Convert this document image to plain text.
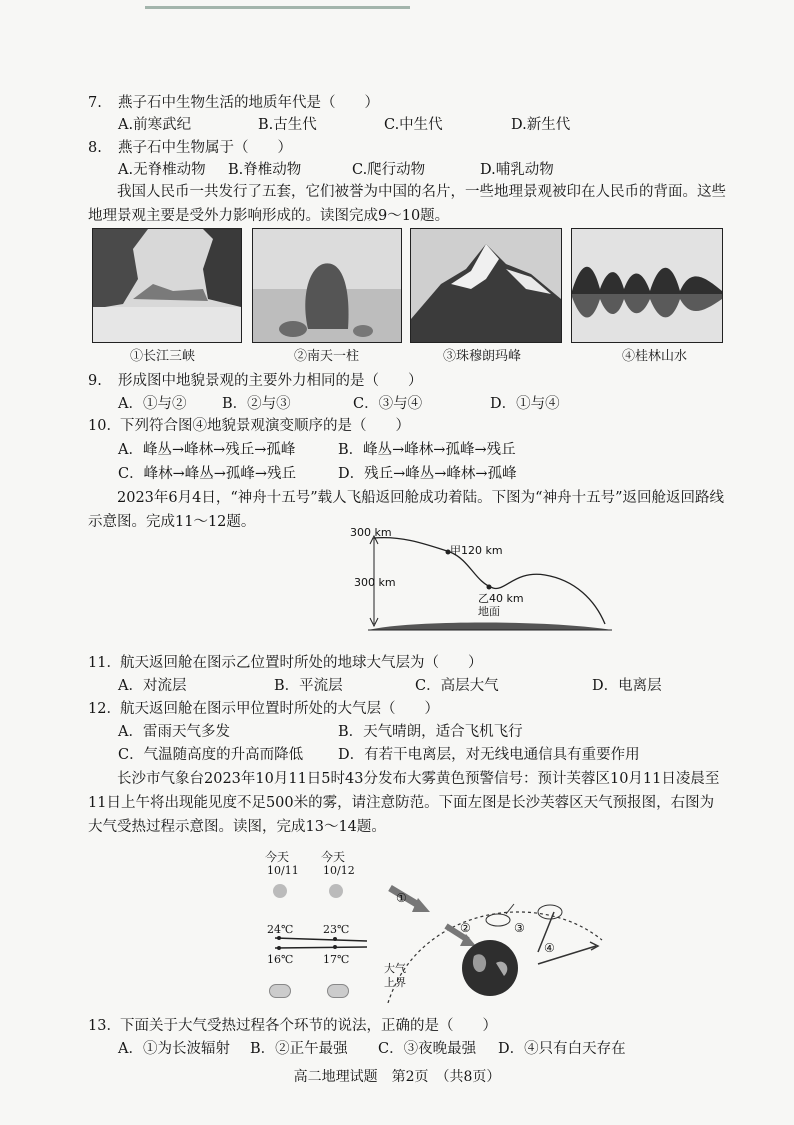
7. 燕子石中生物生活的地质年代是（　　）
A.前寒武纪	B.古生代	C.中生代	D.新生代
8. 燕子石中生物属于（　　）
A.无脊椎动物 B.脊椎动物	C.爬行动物	D.哺乳动物
我国人民币一共发行了五套，它们被誉为中国的名片，一些地理景观被印在人民币的背面。这些地理景观主要是受外力影响形成的。读图完成9～10题。
①长江三峡	②南天一柱	③珠穆朗玛峰	④桂林山水
9. 形成图中地貌景观的主要外力相同的是（　　）
A．①与② B．②与③	C．③与④	D．①与④
10． 下列符合图④地貌景观演变顺序的是（　　）
A．峰丛→峰林→残丘→孤峰	B．峰丛→峰林→孤峰→残丘
C．峰林→峰丛→孤峰→残丘	D．残丘→峰丛→峰林→孤峰
2023年6月4日，“神舟十五号”载人飞船返回舱成功着陆。下图为“神舟十五号”返回舱返回路线示意图。完成11～12题。
300 km
300 km
甲120 km
乙40 km
地面
11． 航天返回舱在图示乙位置时所处的地球大气层为（　　）
A．对流层	B．平流层	C．高层大气	D．电离层
12． 航天返回舱在图示甲位置时所处的大气层（　　）
A．雷雨天气多发	B．天气晴朗，适合飞机飞行
C．气温随高度的升高而降低 D．有若干电离层，对无线电通信具有重要作用
长沙市气象台2023年10月11日5时43分发布大雾黄色预警信号：预计芙蓉区10月11日凌晨至11日上午将出现能见度不足500米的雾，请注意防范。下面左图是长沙芙蓉区天气预报图，右图为大气受热过程示意图。读图，完成13～14题。
今天
10/11
今天
10/12
24℃	23℃
16℃	17℃
①
②	③
④
大气
上界
13． 下面关于大气受热过程各个环节的说法，正确的是（　　）
A．①为长波辐射 B．②正午最强 C．③夜晚最强 D．④只有白天存在
高二地理试题　第2页　（共8页）
